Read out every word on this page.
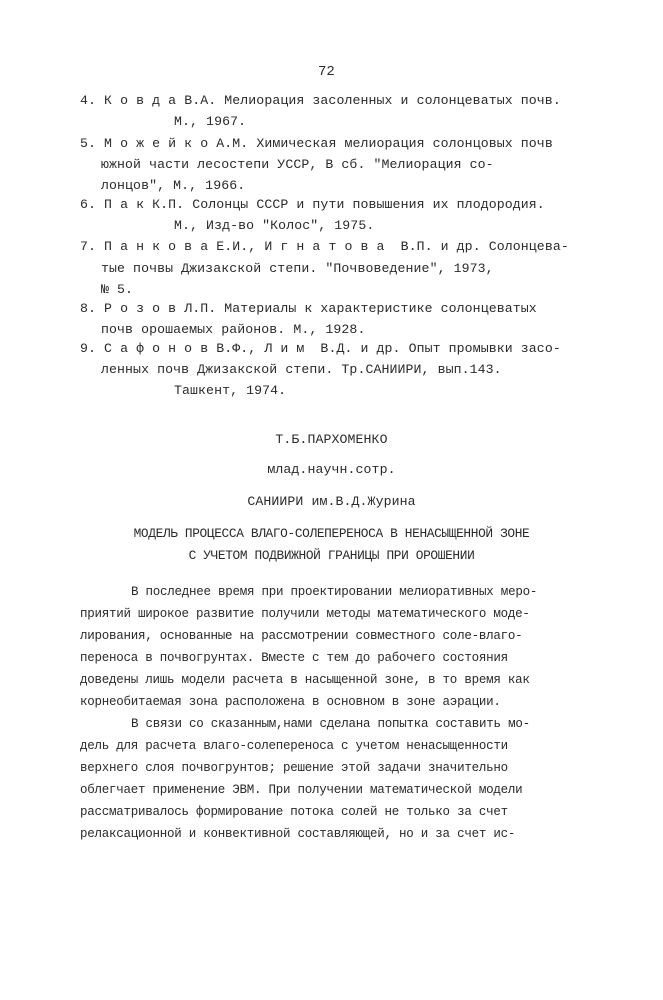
72
4. К о в д а В.А. Мелиорация засоленных и солонцеватых почв.
М., 1967.
5. М о ж е й к о А.М. Химическая мелиорация солонцовых почв
южной части лесостепи УССР, В сб. "Мелиорация со-
лонцов", М., 1966.
6. П а к К.П. Солонцы СССР и пути повышения их плодородия.
М., Изд-во "Колос", 1975.
7. П а н к о в а Е.И., И г н а т о в а  В.П. и др. Солонцева-
тые почвы Джизакской степи. "Почвоведение", 1973,
№ 5.
8. Р о з о в Л.П. Материалы к характеристике солонцеватых
почв орошаемых районов. М., 1928.
9. С а ф о н о в В.Ф., Л и м  В.Д. и др. Опыт промывки засо-
ленных почв Джизакской степи. Тр.САНИИРИ, вып.143.
Ташкент, 1974.
Т.Б.ПАРХОМЕНКО
млад.научн.сотр.
САНИИРИ им.В.Д.Журина
МОДЕЛЬ ПРОЦЕССА ВЛАГО-СОЛЕПЕРЕНОСА В НЕНАСЫЩЕННОЙ ЗОНЕ
С УЧЕТОМ ПОДВИЖНОЙ ГРАНИЦЫ ПРИ ОРОШЕНИИ
В последнее время при проектировании мелиоративных меро-
приятий широкое развитие получили методы математического моде-
лирования, основанные на рассмотрении совместного соле-влаго-
переноса в почвогрунтах. Вместе с тем до рабочего состояния
доведены лишь модели расчета в насыщенной зоне, в то время как
корнеобитаемая зона расположена в основном в зоне аэрации.
В связи со сказанным,нами сделана попытка составить мо-
дель для расчета влаго-солепереноса с учетом ненасыщенности
верхнего слоя почвогрунтов; решение этой задачи значительно
облегчает применение ЭВМ. При получении математической модели
рассматривалось формирование потока солей не только за счет
релаксационной и конвективной составляющей, но и за счет ис-
